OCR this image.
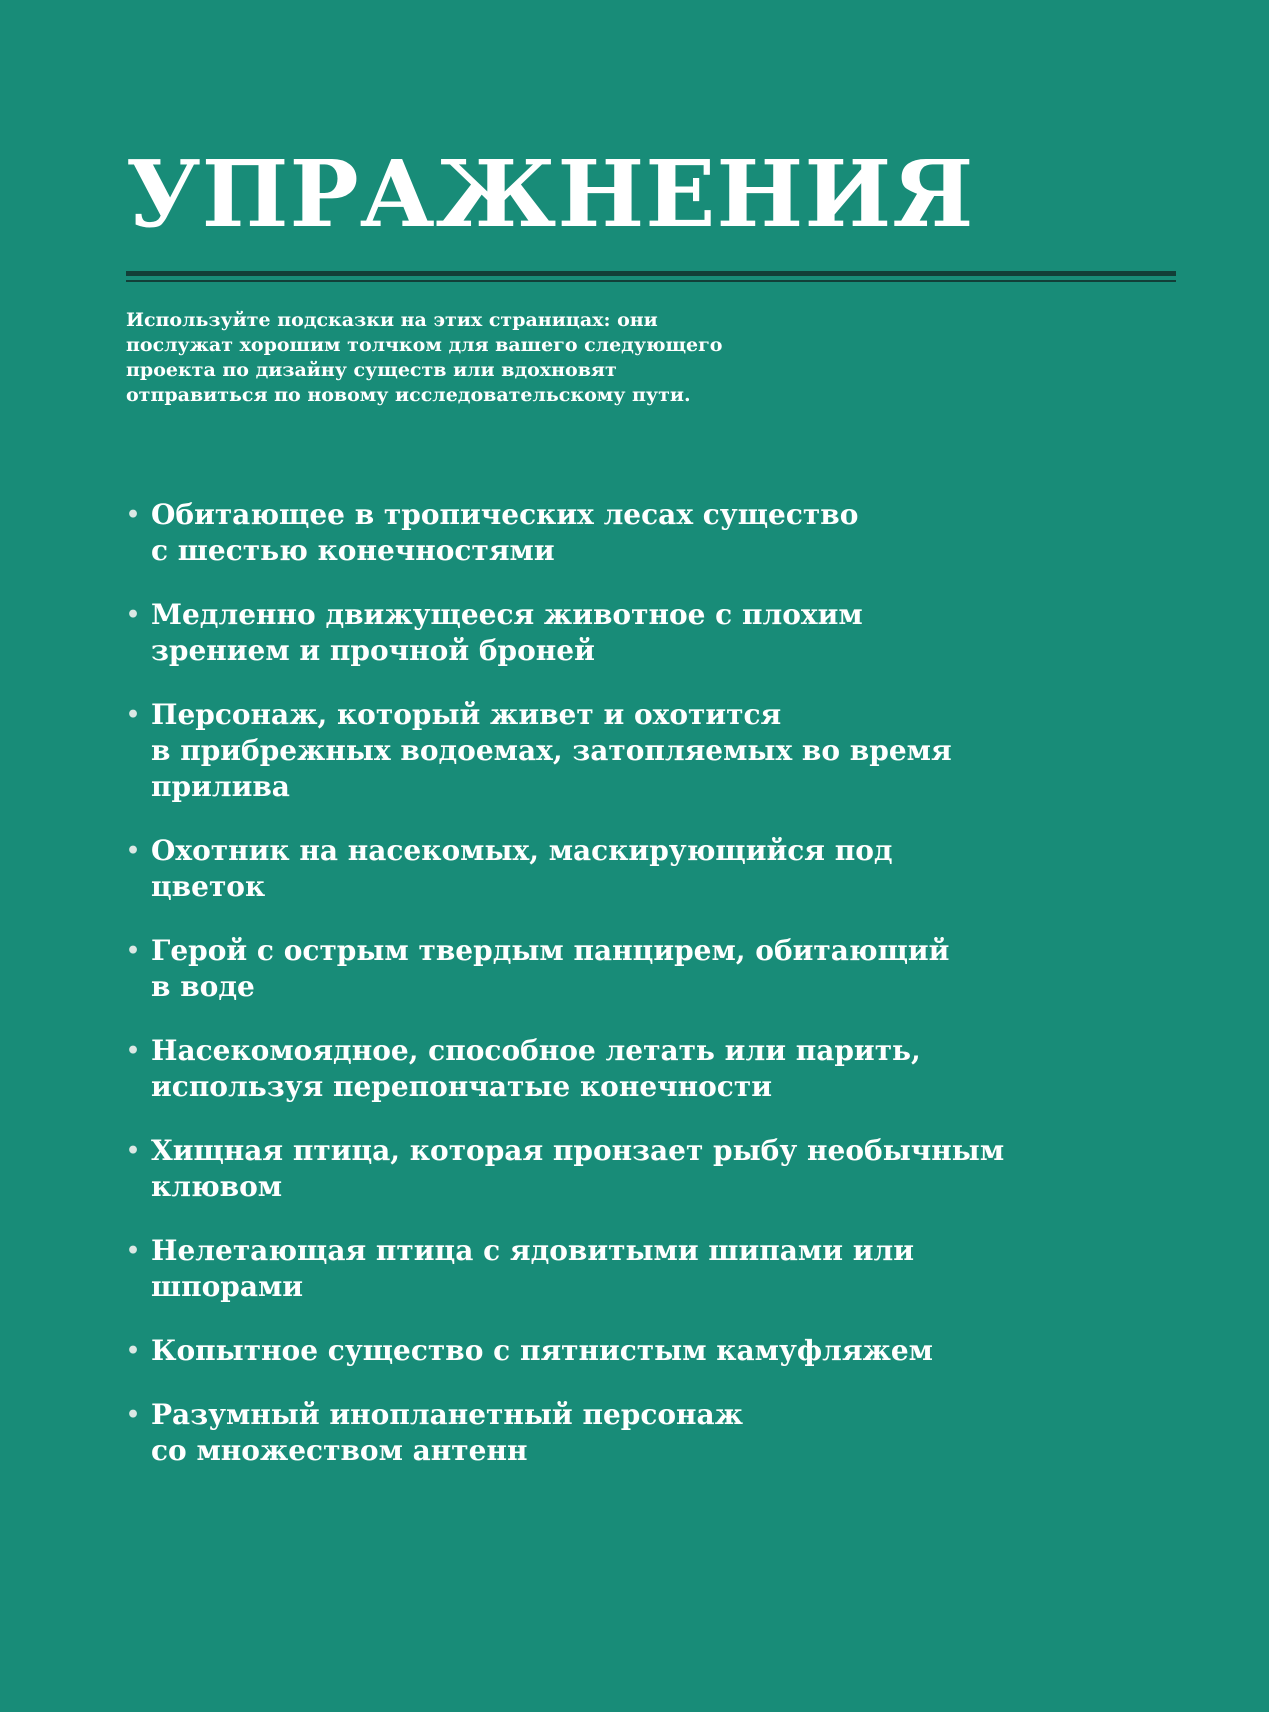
УПРАЖНЕНИЯ

Используйте подсказки на этих страницах: они
послужат хорошим толчком для вашего следующего
проекта по дизайну существ или вдохновят
отправиться по новому исследовательскому пути.

• Обитающее в тропических лесах существо
с шестью конечностями
• Медленно движущееся животное с плохим
зрением и прочной броней
• Персонаж, который живет и охотится
в прибрежных водоемах, затопляемых во время
прилива
• Охотник на насекомых, маскирующийся под
цветок
• Герой с острым твердым панцирем, обитающий
в воде
• Насекомоядное, способное летать или парить,
используя перепончатые конечности
• Хищная птица, которая пронзает рыбу необычным
клювом
• Нелетающая птица с ядовитыми шипами или
шпорами
• Копытное существо с пятнистым камуфляжем
• Разумный инопланетный персонаж
со множеством антенн
